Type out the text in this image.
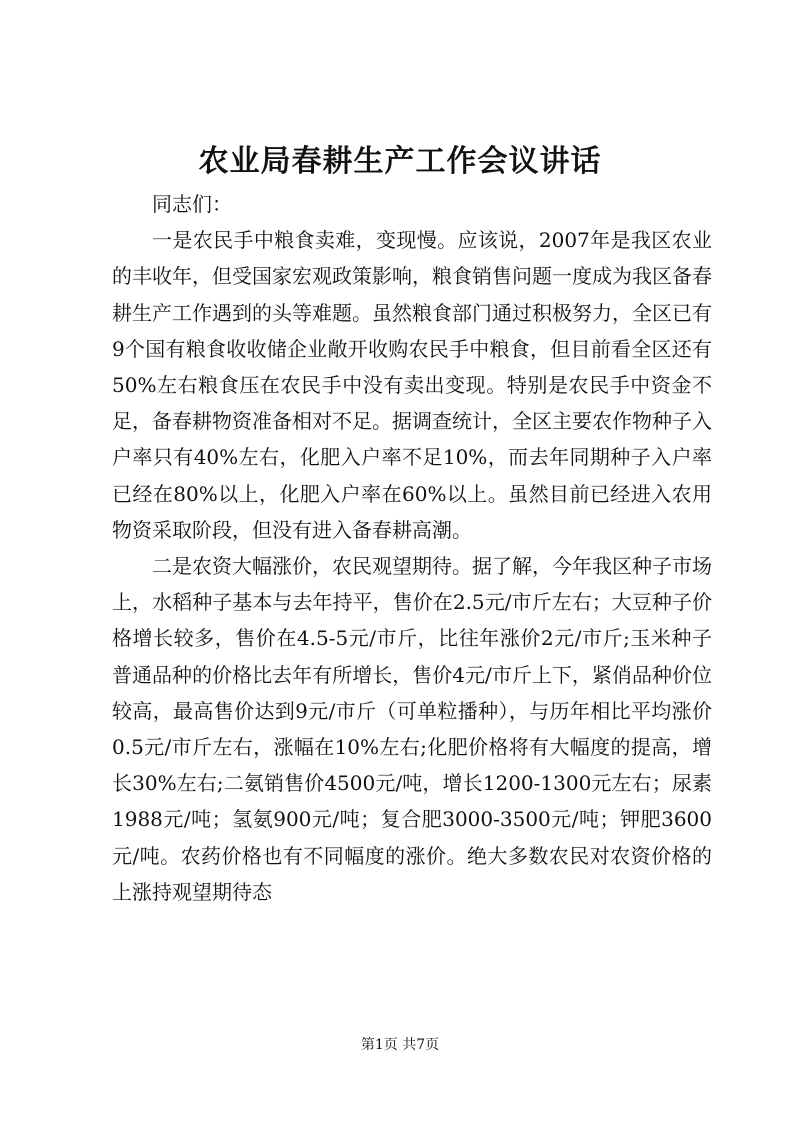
农业局春耕生产工作会议讲话

同志们：

一是农民手中粮食卖难，变现慢。应该说，2007年是我区农业的丰收年，但受国家宏观政策影响，粮食销售问题一度成为我区备春耕生产工作遇到的头等难题。虽然粮食部门通过积极努力，全区已有9个国有粮食收收储企业敞开收购农民手中粮食，但目前看全区还有50%左右粮食压在农民手中没有卖出变现。特别是农民手中资金不足，备春耕物资准备相对不足。据调查统计，全区主要农作物种子入户率只有40%左右，化肥入户率不足10%，而去年同期种子入户率已经在80%以上，化肥入户率在60%以上。虽然目前已经进入农用物资采取阶段，但没有进入备春耕高潮。

二是农资大幅涨价，农民观望期待。据了解，今年我区种子市场上，水稻种子基本与去年持平，售价在2.5元/市斤左右；大豆种子价格增长较多，售价在4.5-5元/市斤，比往年涨价2元/市斤;玉米种子普通品种的价格比去年有所增长，售价4元/市斤上下，紧俏品种价位较高，最高售价达到9元/市斤（可单粒播种），与历年相比平均涨价0.5元/市斤左右，涨幅在10%左右;化肥价格将有大幅度的提高，增长30%左右;二氨销售价4500元/吨，增长1200-1300元左右；尿素1988元/吨；氢氨900元/吨；复合肥3000-3500元/吨；钾肥3600元/吨。农药价格也有不同幅度的涨价。绝大多数农民对农资价格的上涨持观望期待态

第1页 共7页
